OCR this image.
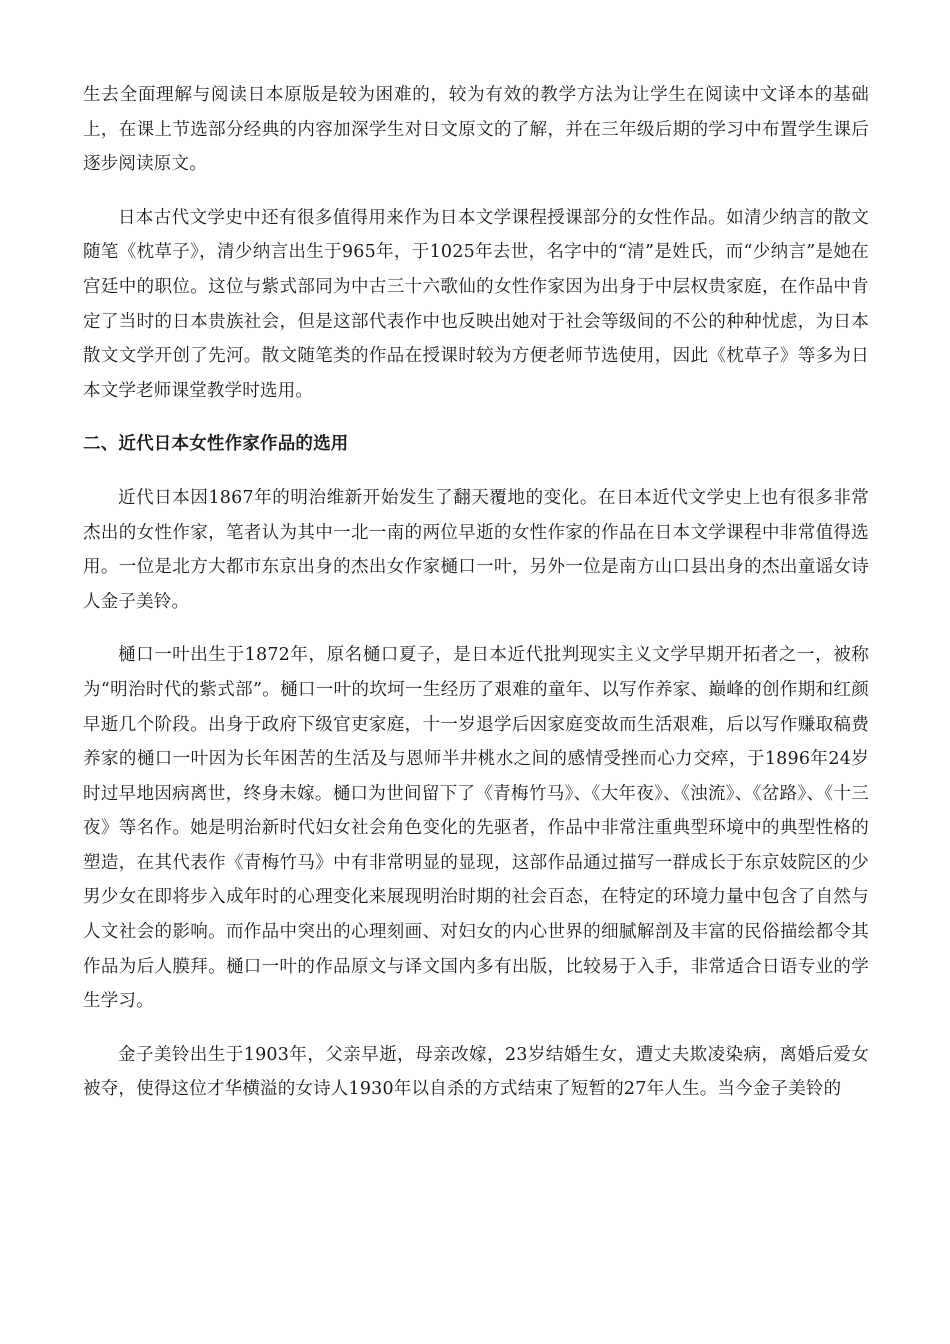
生去全面理解与阅读日本原版是较为困难的，较为有效的教学方法为让学生在阅读中文译本的基础上，在课上节选部分经典的内容加深学生对日文原文的了解，并在三年级后期的学习中布置学生课后逐步阅读原文。

日本古代文学史中还有很多值得用来作为日本文学课程授课部分的女性作品。如清少纳言的散文随笔《枕草子》，清少纳言出生于965年，于1025年去世，名字中的“清”是姓氏，而“少纳言”是她在宫廷中的职位。这位与紫式部同为中古三十六歌仙的女性作家因为出身于中层权贵家庭，在作品中肯定了当时的日本贵族社会，但是这部代表作中也反映出她对于社会等级间的不公的种种忧虑，为日本散文文学开创了先河。散文随笔类的作品在授课时较为方便老师节选使用，因此《枕草子》等多为日本文学老师课堂教学时选用。

二、近代日本女性作家作品的选用

近代日本因1867年的明治维新开始发生了翻天覆地的变化。在日本近代文学史上也有很多非常杰出的女性作家，笔者认为其中一北一南的两位早逝的女性作家的作品在日本文学课程中非常值得选用。一位是北方大都市东京出身的杰出女作家樋口一叶，另外一位是南方山口县出身的杰出童谣女诗人金子美铃。

樋口一叶出生于1872年，原名樋口夏子，是日本近代批判现实主义文学早期开拓者之一，被称为“明治时代的紫式部”。樋口一叶的坎坷一生经历了艰难的童年、以写作养家、巅峰的创作期和红颜早逝几个阶段。出身于政府下级官吏家庭，十一岁退学后因家庭变故而生活艰难，后以写作赚取稿费养家的樋口一叶因为长年困苦的生活及与恩师半井桃水之间的感情受挫而心力交瘁，于1896年24岁时过早地因病离世，终身未嫁。樋口为世间留下了《青梅竹马》、《大年夜》、《浊流》、《岔路》、《十三夜》等名作。她是明治新时代妇女社会角色变化的先驱者，作品中非常注重典型环境中的典型性格的塑造，在其代表作《青梅竹马》中有非常明显的显现，这部作品通过描写一群成长于东京妓院区的少男少女在即将步入成年时的心理变化来展现明治时期的社会百态，在特定的环境力量中包含了自然与人文社会的影响。而作品中突出的心理刻画、对妇女的内心世界的细腻解剖及丰富的民俗描绘都令其作品为后人膜拜。樋口一叶的作品原文与译文国内多有出版，比较易于入手，非常适合日语专业的学生学习。

金子美铃出生于1903年，父亲早逝，母亲改嫁，23岁结婚生女，遭丈夫欺凌染病，离婚后爱女被夺，使得这位才华横溢的女诗人1930年以自杀的方式结束了短暂的27年人生。当今金子美铃的
